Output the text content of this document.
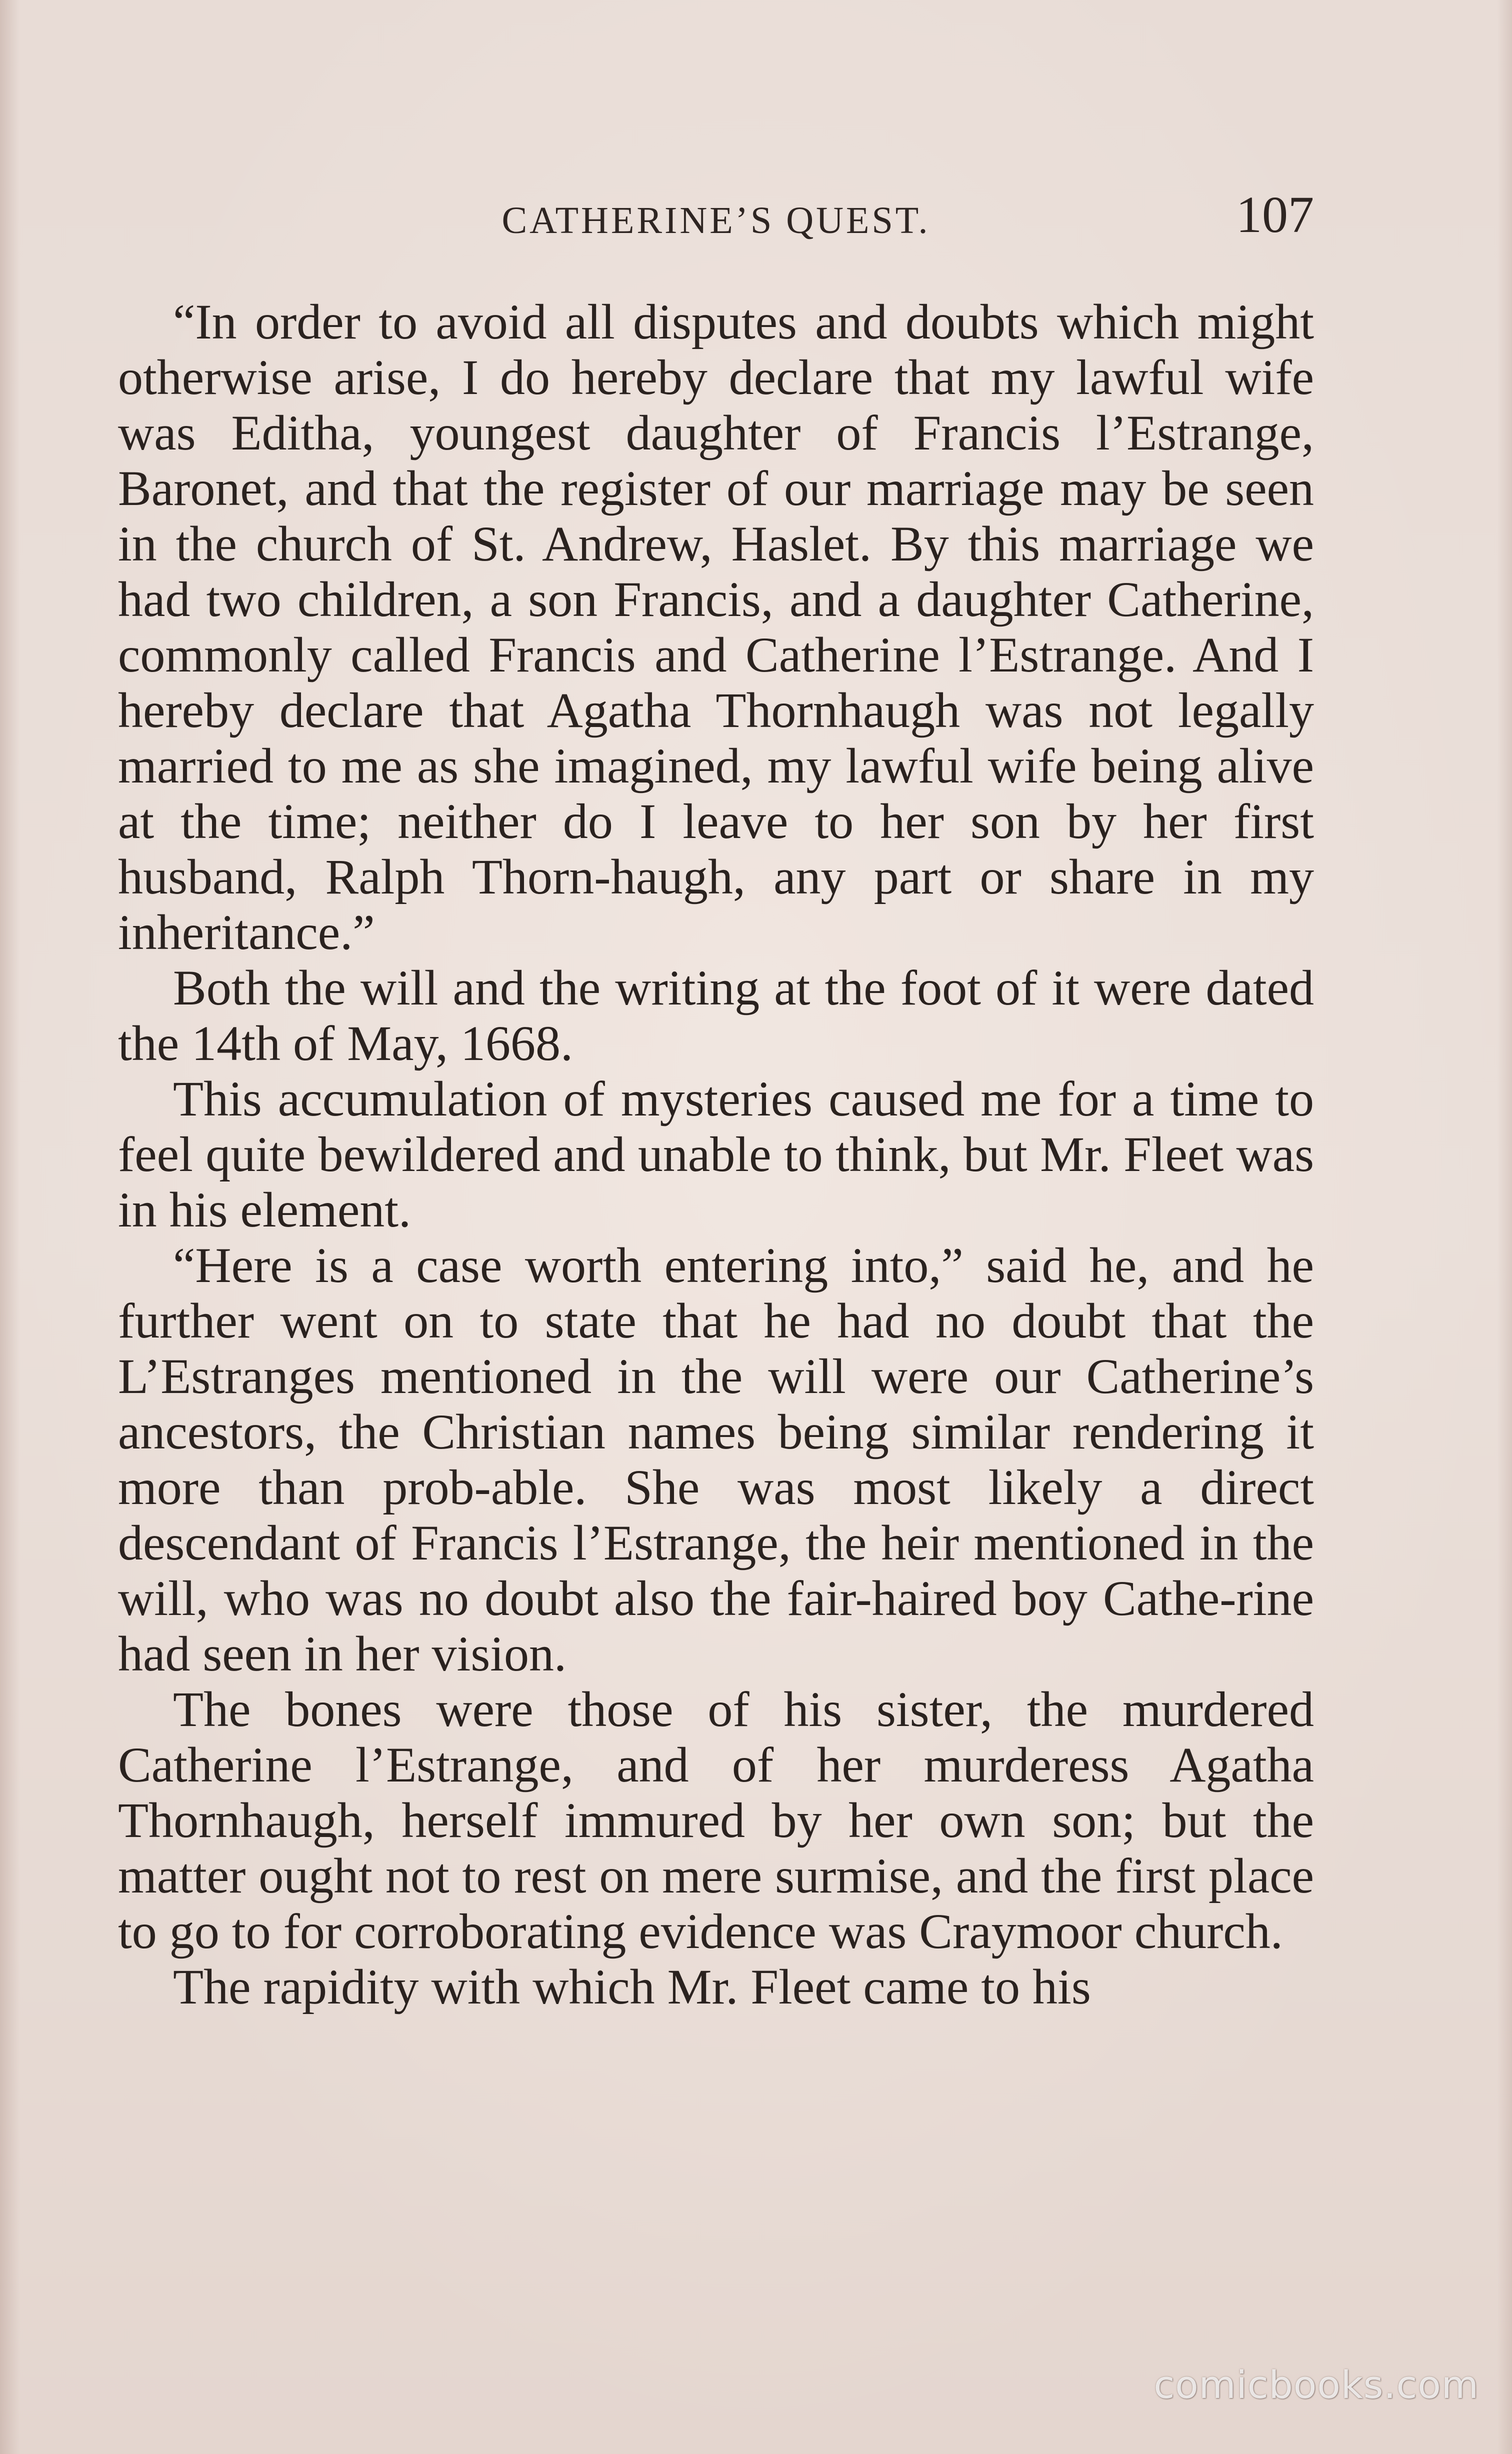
CATHERINE’S QUEST.	107

“In order to avoid all disputes and doubts which might otherwise arise, I do hereby declare that my lawful wife was Editha, youngest daughter of Francis l’Estrange, Baronet, and that the register of our marriage may be seen in the church of St. Andrew, Haslet. By this marriage we had two children, a son Francis, and a daughter Catherine, commonly called Francis and Catherine l’Estrange. And I hereby declare that Agatha Thornhaugh was not legally married to me as she imagined, my lawful wife being alive at the time; neither do I leave to her son by her first husband, Ralph Thorn-haugh, any part or share in my inheritance.”

Both the will and the writing at the foot of it were dated the 14th of May, 1668.

This accumulation of mysteries caused me for a time to feel quite bewildered and unable to think, but Mr. Fleet was in his element.

“Here is a case worth entering into,” said he, and he further went on to state that he had no doubt that the L’Estranges mentioned in the will were our Catherine’s ancestors, the Christian names being similar rendering it more than prob-able. She was most likely a direct descendant of Francis l’Estrange, the heir mentioned in the will, who was no doubt also the fair-haired boy Cathe-rine had seen in her vision.

The bones were those of his sister, the murdered Catherine l’Estrange, and of her murderess Agatha Thornhaugh, herself immured by her own son; but the matter ought not to rest on mere surmise, and the first place to go to for corroborating evidence was Craymoor church.

The rapidity with which Mr. Fleet came to his

comicbooks.com
